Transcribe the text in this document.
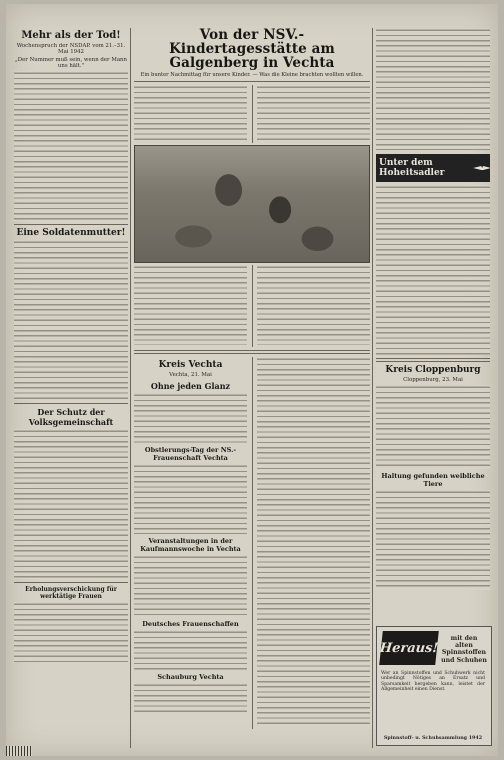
Mehr als der Tod!
Wochenspruch der NSDAP. vom 21.–31. Mai 1942
„Der Nummer muß sein, wenn der Mann uns hält."
Eine Soldatenmutter!
Der Schutz der Volksgemeinschaft
Erholungsverschickung für werktätige Frauen
Von der NSV.-Kindertagesstätte am Galgenberg in Vechta
Ein bunter Nachmittag für unsere Kinder. — Was die Kleine brachten wollten willen.
Kreis Vechta
Vechta, 21. Mai
Ohne jeden Glanz
Obstlerungs-Tag der NS.-Frauenschaft Vechta
Veranstaltungen in der Kaufmannswoche in Vechta
Deutsches Frauenschaffen
Schauburg Vechta
Unter dem Hoheitsadler
Kreis Cloppenburg
Cloppenburg, 23. Mai
Haltung gefunden weibliche Tiere
Heraus!
mit den alten Spinnstoffen und Schuhen
Wer an Spinnstoffen und Schuhwerk nicht unbedingt Nötiges an Ersatz und Sparsamkeit hergeben kann, leistet der Allgemeinheit einen Dienst.
Spinnstoff- u. Schuhsammlung 1942
